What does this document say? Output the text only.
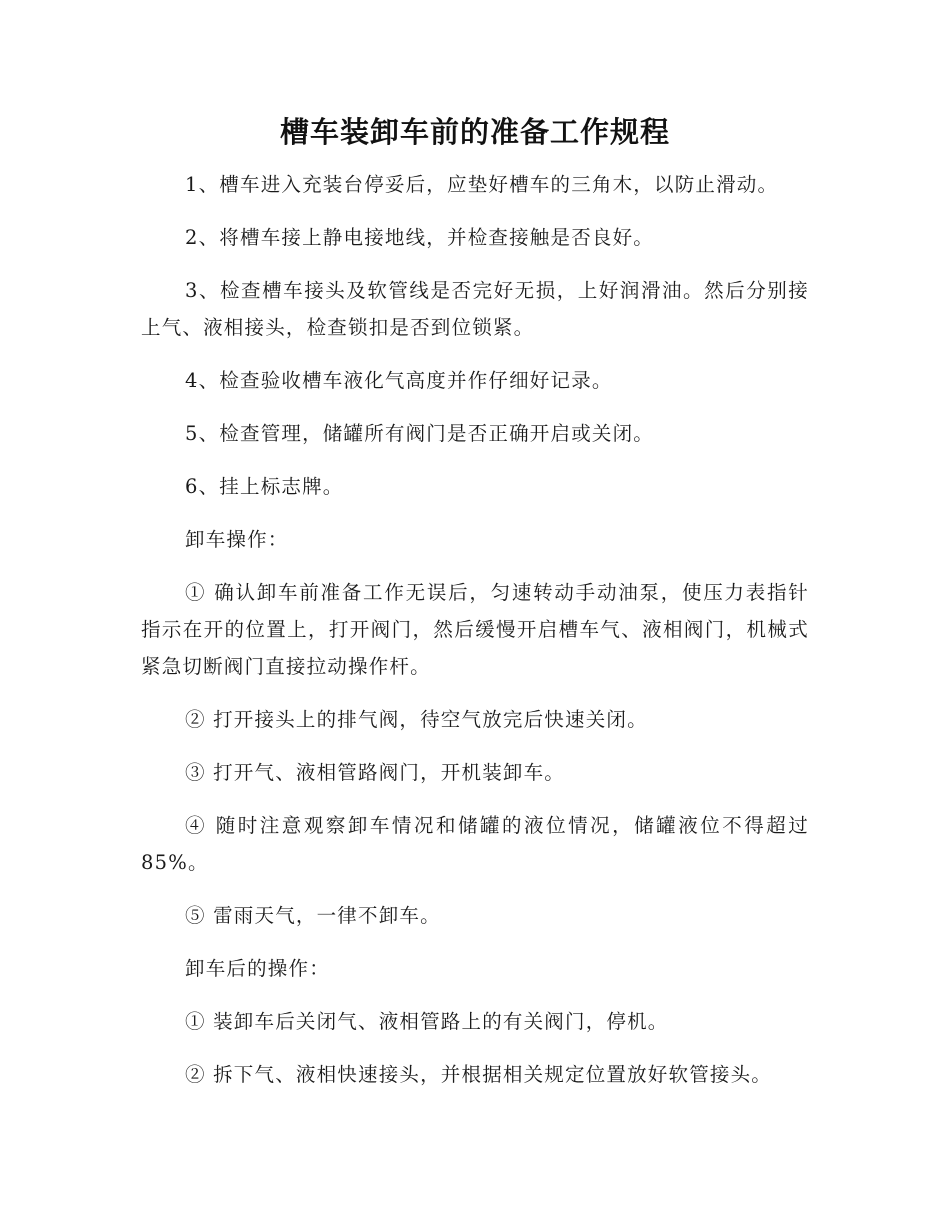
槽车装卸车前的准备工作规程

1、槽车进入充装台停妥后，应垫好槽车的三角木，以防止滑动。

2、将槽车接上静电接地线，并检查接触是否良好。

3、检查槽车接头及软管线是否完好无损，上好润滑油。然后分别接上气、液相接头，检查锁扣是否到位锁紧。

4、检查验收槽车液化气高度并作仔细好记录。

5、检查管理，储罐所有阀门是否正确开启或关闭。

6、挂上标志牌。

卸车操作：

① 确认卸车前准备工作无误后，匀速转动手动油泵，使压力表指针指示在开的位置上，打开阀门，然后缓慢开启槽车气、液相阀门，机械式紧急切断阀门直接拉动操作杆。

② 打开接头上的排气阀，待空气放完后快速关闭。

③ 打开气、液相管路阀门，开机装卸车。

④ 随时注意观察卸车情况和储罐的液位情况，储罐液位不得超过85%。

⑤ 雷雨天气，一律不卸车。

卸车后的操作：

① 装卸车后关闭气、液相管路上的有关阀门，停机。

② 拆下气、液相快速接头，并根据相关规定位置放好软管接头。
